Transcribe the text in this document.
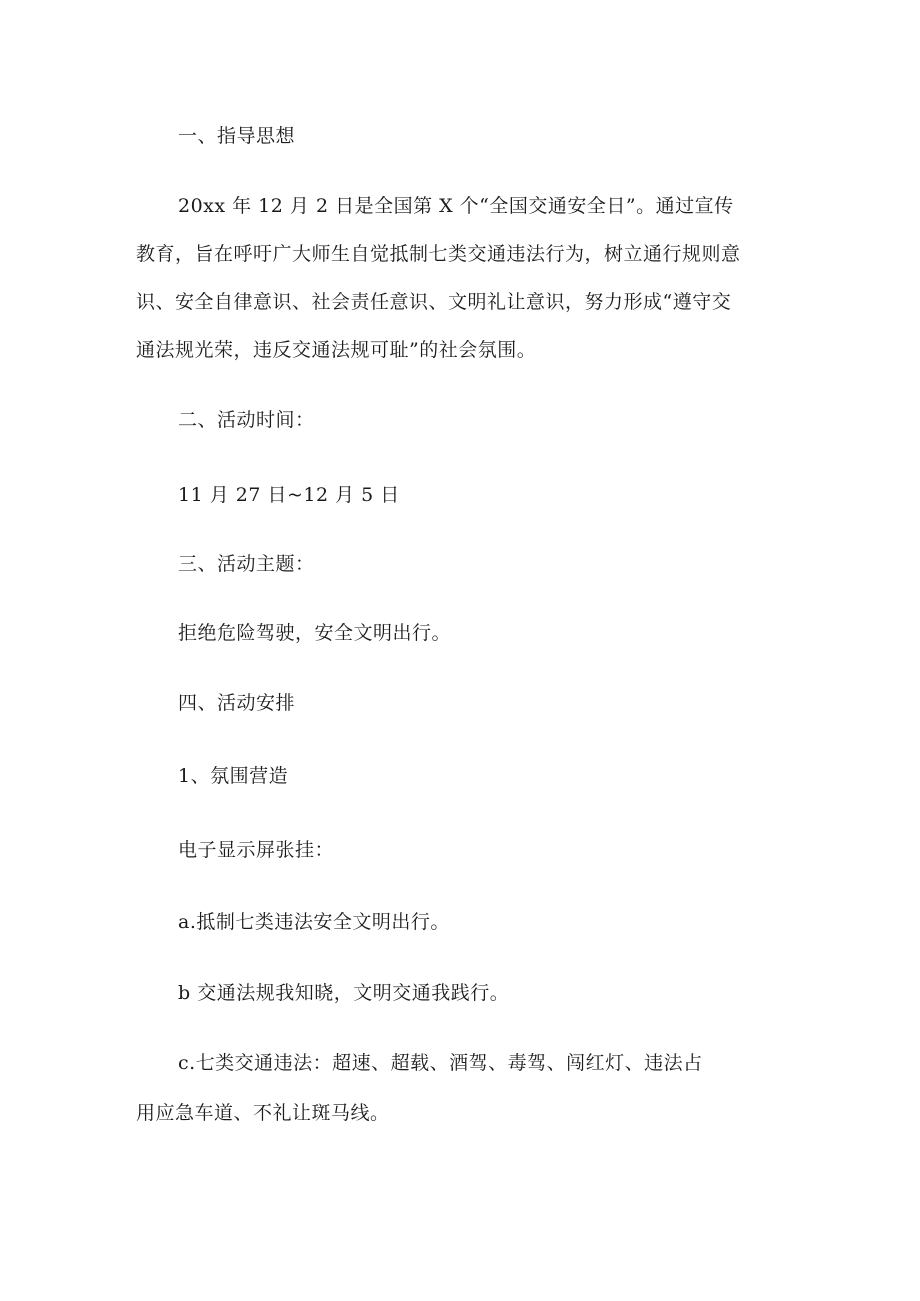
一、指导思想
20xx 年 12 月 2 日是全国第 X 个“全国交通安全日”。通过宣传
教育，旨在呼吁广大师生自觉抵制七类交通违法行为，树立通行规则意
识、安全自律意识、社会责任意识、文明礼让意识，努力形成“遵守交
通法规光荣，违反交通法规可耻”的社会氛围。
二、活动时间：
11 月 27 日~12 月 5 日
三、活动主题：
拒绝危险驾驶，安全文明出行。
四、活动安排
1、氛围营造
电子显示屏张挂：
a.抵制七类违法安全文明出行。
b 交通法规我知晓，文明交通我践行。
c.七类交通违法：超速、超载、酒驾、毒驾、闯红灯、违法占
用应急车道、不礼让斑马线。
